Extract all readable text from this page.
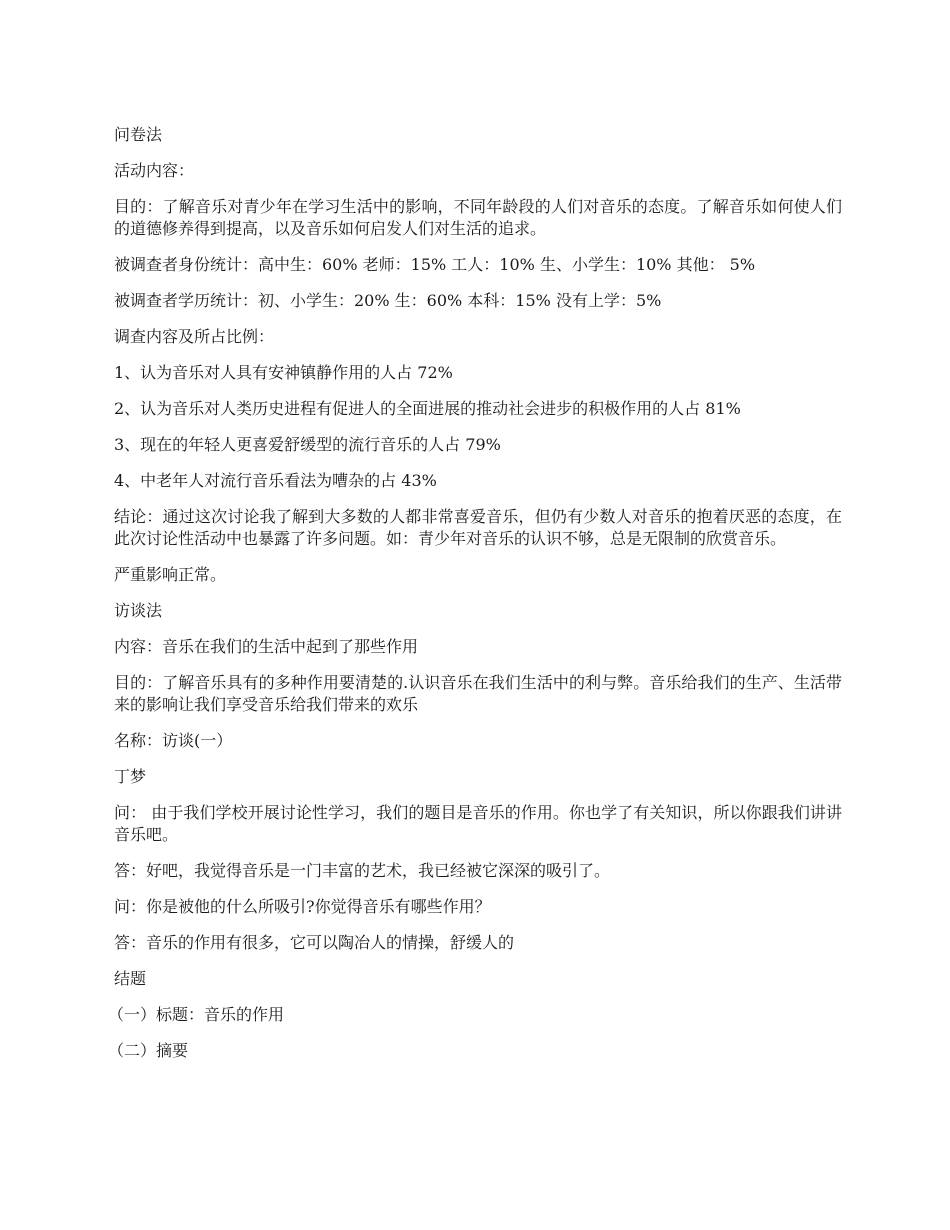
问卷法

活动内容：

目的：了解音乐对青少年在学习生活中的影响，不同年龄段的人们对音乐的态度。了解音乐如何使人们的道德修养得到提高，以及音乐如何启发人们对生活的追求。

被调查者身份统计：高中生：60% 老师：15% 工人：10% 生、小学生：10% 其他： 5%

被调查者学历统计：初、小学生：20% 生：60% 本科：15% 没有上学：5%

调查内容及所占比例：

1、认为音乐对人具有安神镇静作用的人占 72%

2、认为音乐对人类历史进程有促进人的全面进展的推动社会进步的积极作用的人占 81%

3、现在的年轻人更喜爱舒缓型的流行音乐的人占 79%

4、中老年人对流行音乐看法为嘈杂的占 43%

结论：通过这次讨论我了解到大多数的人都非常喜爱音乐，但仍有少数人对音乐的抱着厌恶的态度，在此次讨论性活动中也暴露了许多问题。如：青少年对音乐的认识不够，总是无限制的欣赏音乐。

严重影响正常。

访谈法

内容：音乐在我们的生活中起到了那些作用

目的：了解音乐具有的多种作用要清楚的.认识音乐在我们生活中的利与弊。音乐给我们的生产、生活带来的影响让我们享受音乐给我们带来的欢乐

名称：访谈(一）

丁梦

问： 由于我们学校开展讨论性学习，我们的题目是音乐的作用。你也学了有关知识，所以你跟我们讲讲音乐吧。

答：好吧，我觉得音乐是一门丰富的艺术，我已经被它深深的吸引了。

问：你是被他的什么所吸引?你觉得音乐有哪些作用？

答：音乐的作用有很多，它可以陶冶人的情操，舒缓人的

结题

（一）标题：音乐的作用

（二）摘要
